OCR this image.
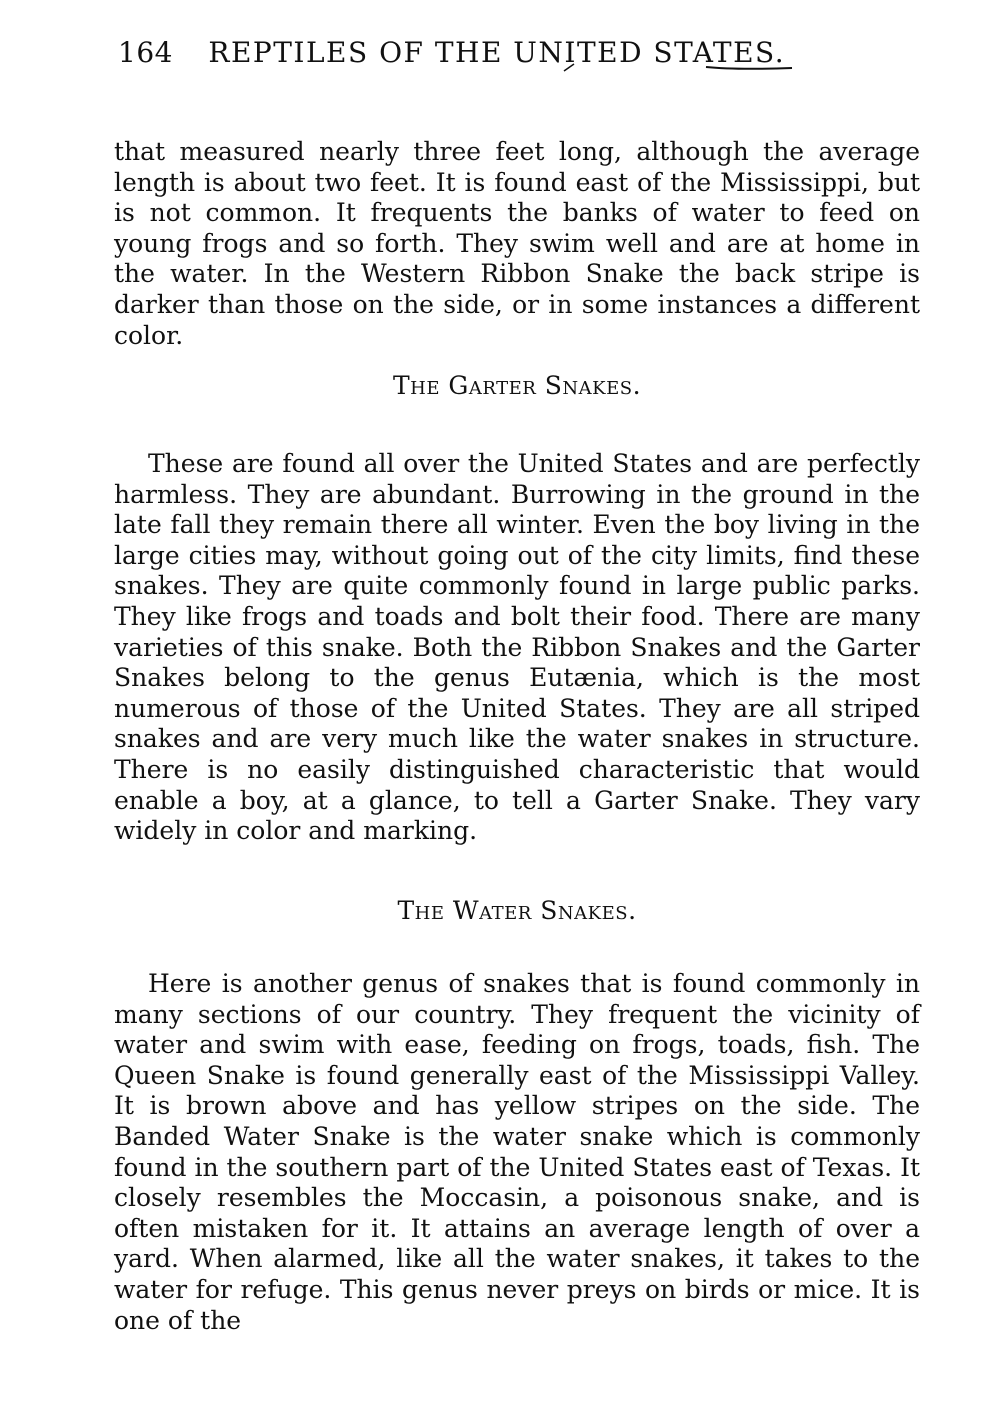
164 REPTILES OF THE UNITED STATES.

that measured nearly three feet long, although the average length is about two feet. It is found east of the Mississippi, but is not common. It frequents the banks of water to feed on young frogs and so forth. They swim well and are at home in the water. In the Western Ribbon Snake the back stripe is darker than those on the side, or in some instances a different color.

The Garter Snakes.

These are found all over the United States and are perfectly harmless. They are abundant. Burrowing in the ground in the late fall they remain there all winter. Even the boy living in the large cities may, without going out of the city limits, find these snakes. They are quite commonly found in large public parks. They like frogs and toads and bolt their food. There are many varieties of this snake. Both the Ribbon Snakes and the Garter Snakes belong to the genus Eutænia, which is the most numerous of those of the United States. They are all striped snakes and are very much like the water snakes in structure. There is no easily distinguished characteristic that would enable a boy, at a glance, to tell a Garter Snake. They vary widely in color and marking.

The Water Snakes.

Here is another genus of snakes that is found commonly in many sections of our country. They frequent the vicinity of water and swim with ease, feeding on frogs, toads, fish. The Queen Snake is found generally east of the Mississippi Valley. It is brown above and has yellow stripes on the side. The Banded Water Snake is the water snake which is commonly found in the southern part of the United States east of Texas. It closely resembles the Moccasin, a poisonous snake, and is often mistaken for it. It attains an average length of over a yard. When alarmed, like all the water snakes, it takes to the water for refuge. This genus never preys on birds or mice. It is one of the
